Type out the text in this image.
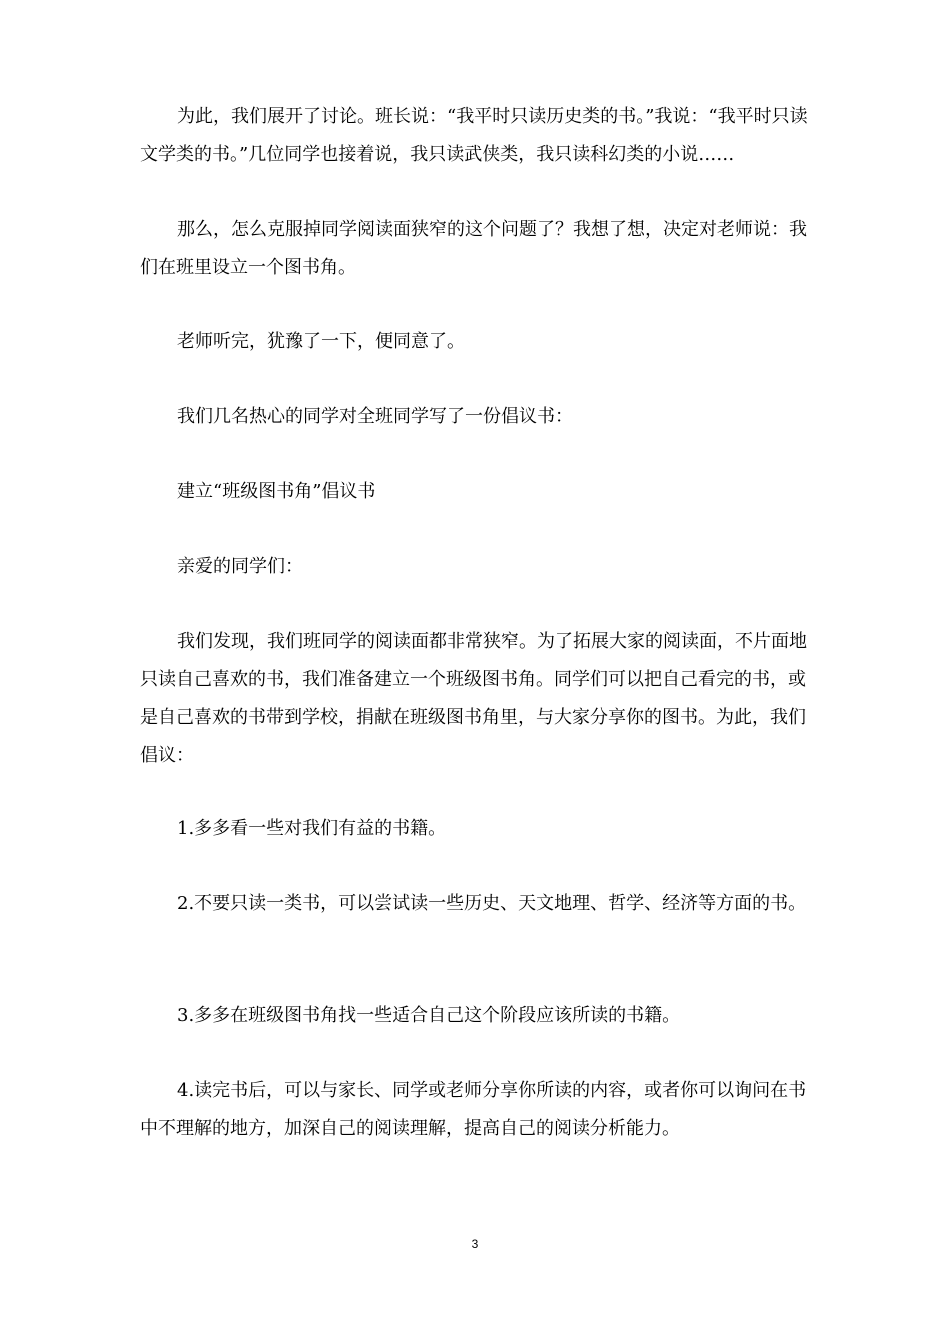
为此，我们展开了讨论。班长说：“我平时只读历史类的书。”我说：“我平时只读文学类的书。”几位同学也接着说，我只读武侠类，我只读科幻类的小说……

那么，怎么克服掉同学阅读面狭窄的这个问题了？我想了想，决定对老师说：我们在班里设立一个图书角。

老师听完，犹豫了一下，便同意了。

我们几名热心的同学对全班同学写了一份倡议书：

建立“班级图书角”倡议书

亲爱的同学们：

我们发现，我们班同学的阅读面都非常狭窄。为了拓展大家的阅读面，不片面地只读自己喜欢的书，我们准备建立一个班级图书角。同学们可以把自己看完的书，或是自己喜欢的书带到学校，捐献在班级图书角里，与大家分享你的图书。为此，我们倡议：

1.多多看一些对我们有益的书籍。

2.不要只读一类书，可以尝试读一些历史、天文地理、哲学、经济等方面的书。

3.多多在班级图书角找一些适合自己这个阶段应该所读的书籍。

4.读完书后，可以与家长、同学或老师分享你所读的内容，或者你可以询问在书中不理解的地方，加深自己的阅读理解，提高自己的阅读分析能力。

3
